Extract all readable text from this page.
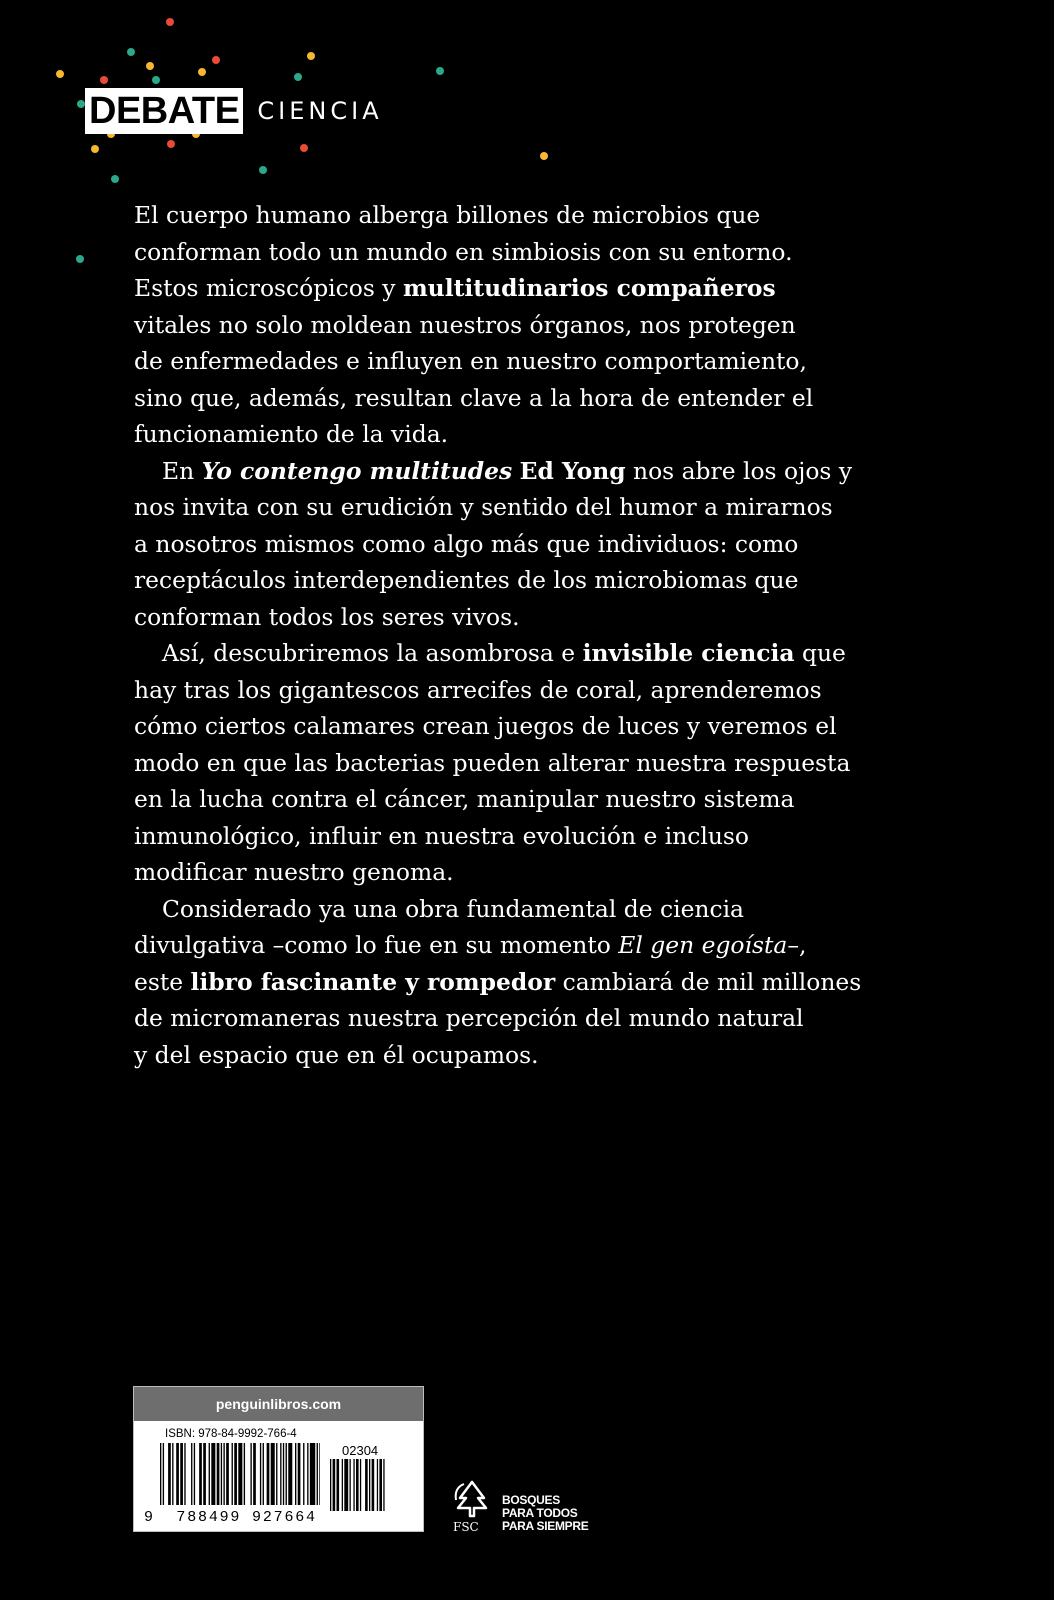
DEBATE CIENCIA

El cuerpo humano alberga billones de microbios que

conforman todo un mundo en simbiosis con su entorno.

Estos microscópicos y multitudinarios compañeros

vitales no solo moldean nuestros órganos, nos protegen

de enfermedades e influyen en nuestro comportamiento,

sino que, además, resultan clave a la hora de entender el

funcionamiento de la vida.

En Yo contengo multitudes Ed Yong nos abre los ojos y

nos invita con su erudición y sentido del humor a mirarnos

a nosotros mismos como algo más que individuos: como

receptáculos interdependientes de los microbiomas que

conforman todos los seres vivos.

Así, descubriremos la asombrosa e invisible ciencia que

hay tras los gigantescos arrecifes de coral, aprenderemos

cómo ciertos calamares crean juegos de luces y veremos el

modo en que las bacterias pueden alterar nuestra respuesta

en la lucha contra el cáncer, manipular nuestro sistema

inmunológico, influir en nuestra evolución e incluso

modificar nuestro genoma.

Considerado ya una obra fundamental de ciencia

divulgativa –como lo fue en su momento El gen egoísta–,

este libro fascinante y rompedor cambiará de mil millones

de micromaneras nuestra percepción del mundo natural

y del espacio que en él ocupamos.

penguinlibros.com
ISBN: 978-84-9992-766-4
02304
9 788499 927664
FSC
BOSQUES
PARA TODOS
PARA SIEMPRE
